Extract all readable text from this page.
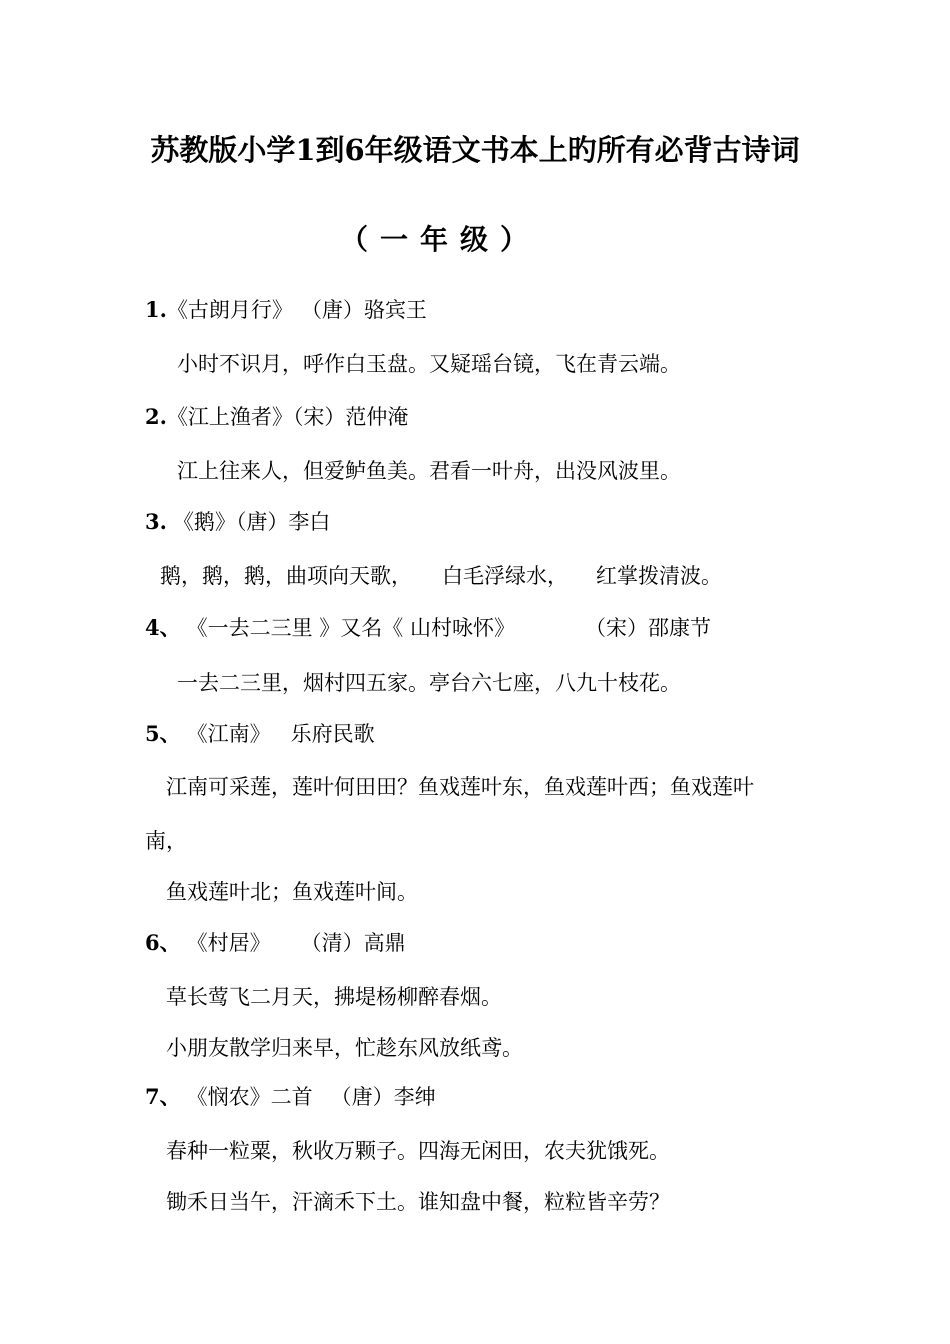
苏教版小学1到6年级语文书本上旳所有必背古诗词
（一年级）
1.《古朗月行》 （唐）骆宾王
小时不识月，呼作白玉盘。又疑瑶台镜，飞在青云端。
2.《江上渔者》（宋）范仲淹
江上往来人，但爱鲈鱼美。君看一叶舟，出没风波里。
3. 《鹅》（唐）李白
鹅，鹅，鹅，曲项向天歌， 白毛浮绿水， 红掌拨清波。
4、 《一去二三里 》又名《 山村咏怀》	（宋）邵康节
一去二三里，烟村四五家。亭台六七座，八九十枝花。
5、 《江南》 乐府民歌
江南可采莲，莲叶何田田？鱼戏莲叶东，鱼戏莲叶西；鱼戏莲叶
南，
鱼戏莲叶北；鱼戏莲叶间。
6、 《村居》 （清）高鼎
草长莺飞二月天，拂堤杨柳醉春烟。
小朋友散学归来早，忙趁东风放纸鸢。
7、 《悯农》二首 （唐）李绅
春种一粒粟，秋收万颗子。四海无闲田，农夫犹饿死。
锄禾日当午，汗滴禾下土。谁知盘中餐，粒粒皆辛劳？
